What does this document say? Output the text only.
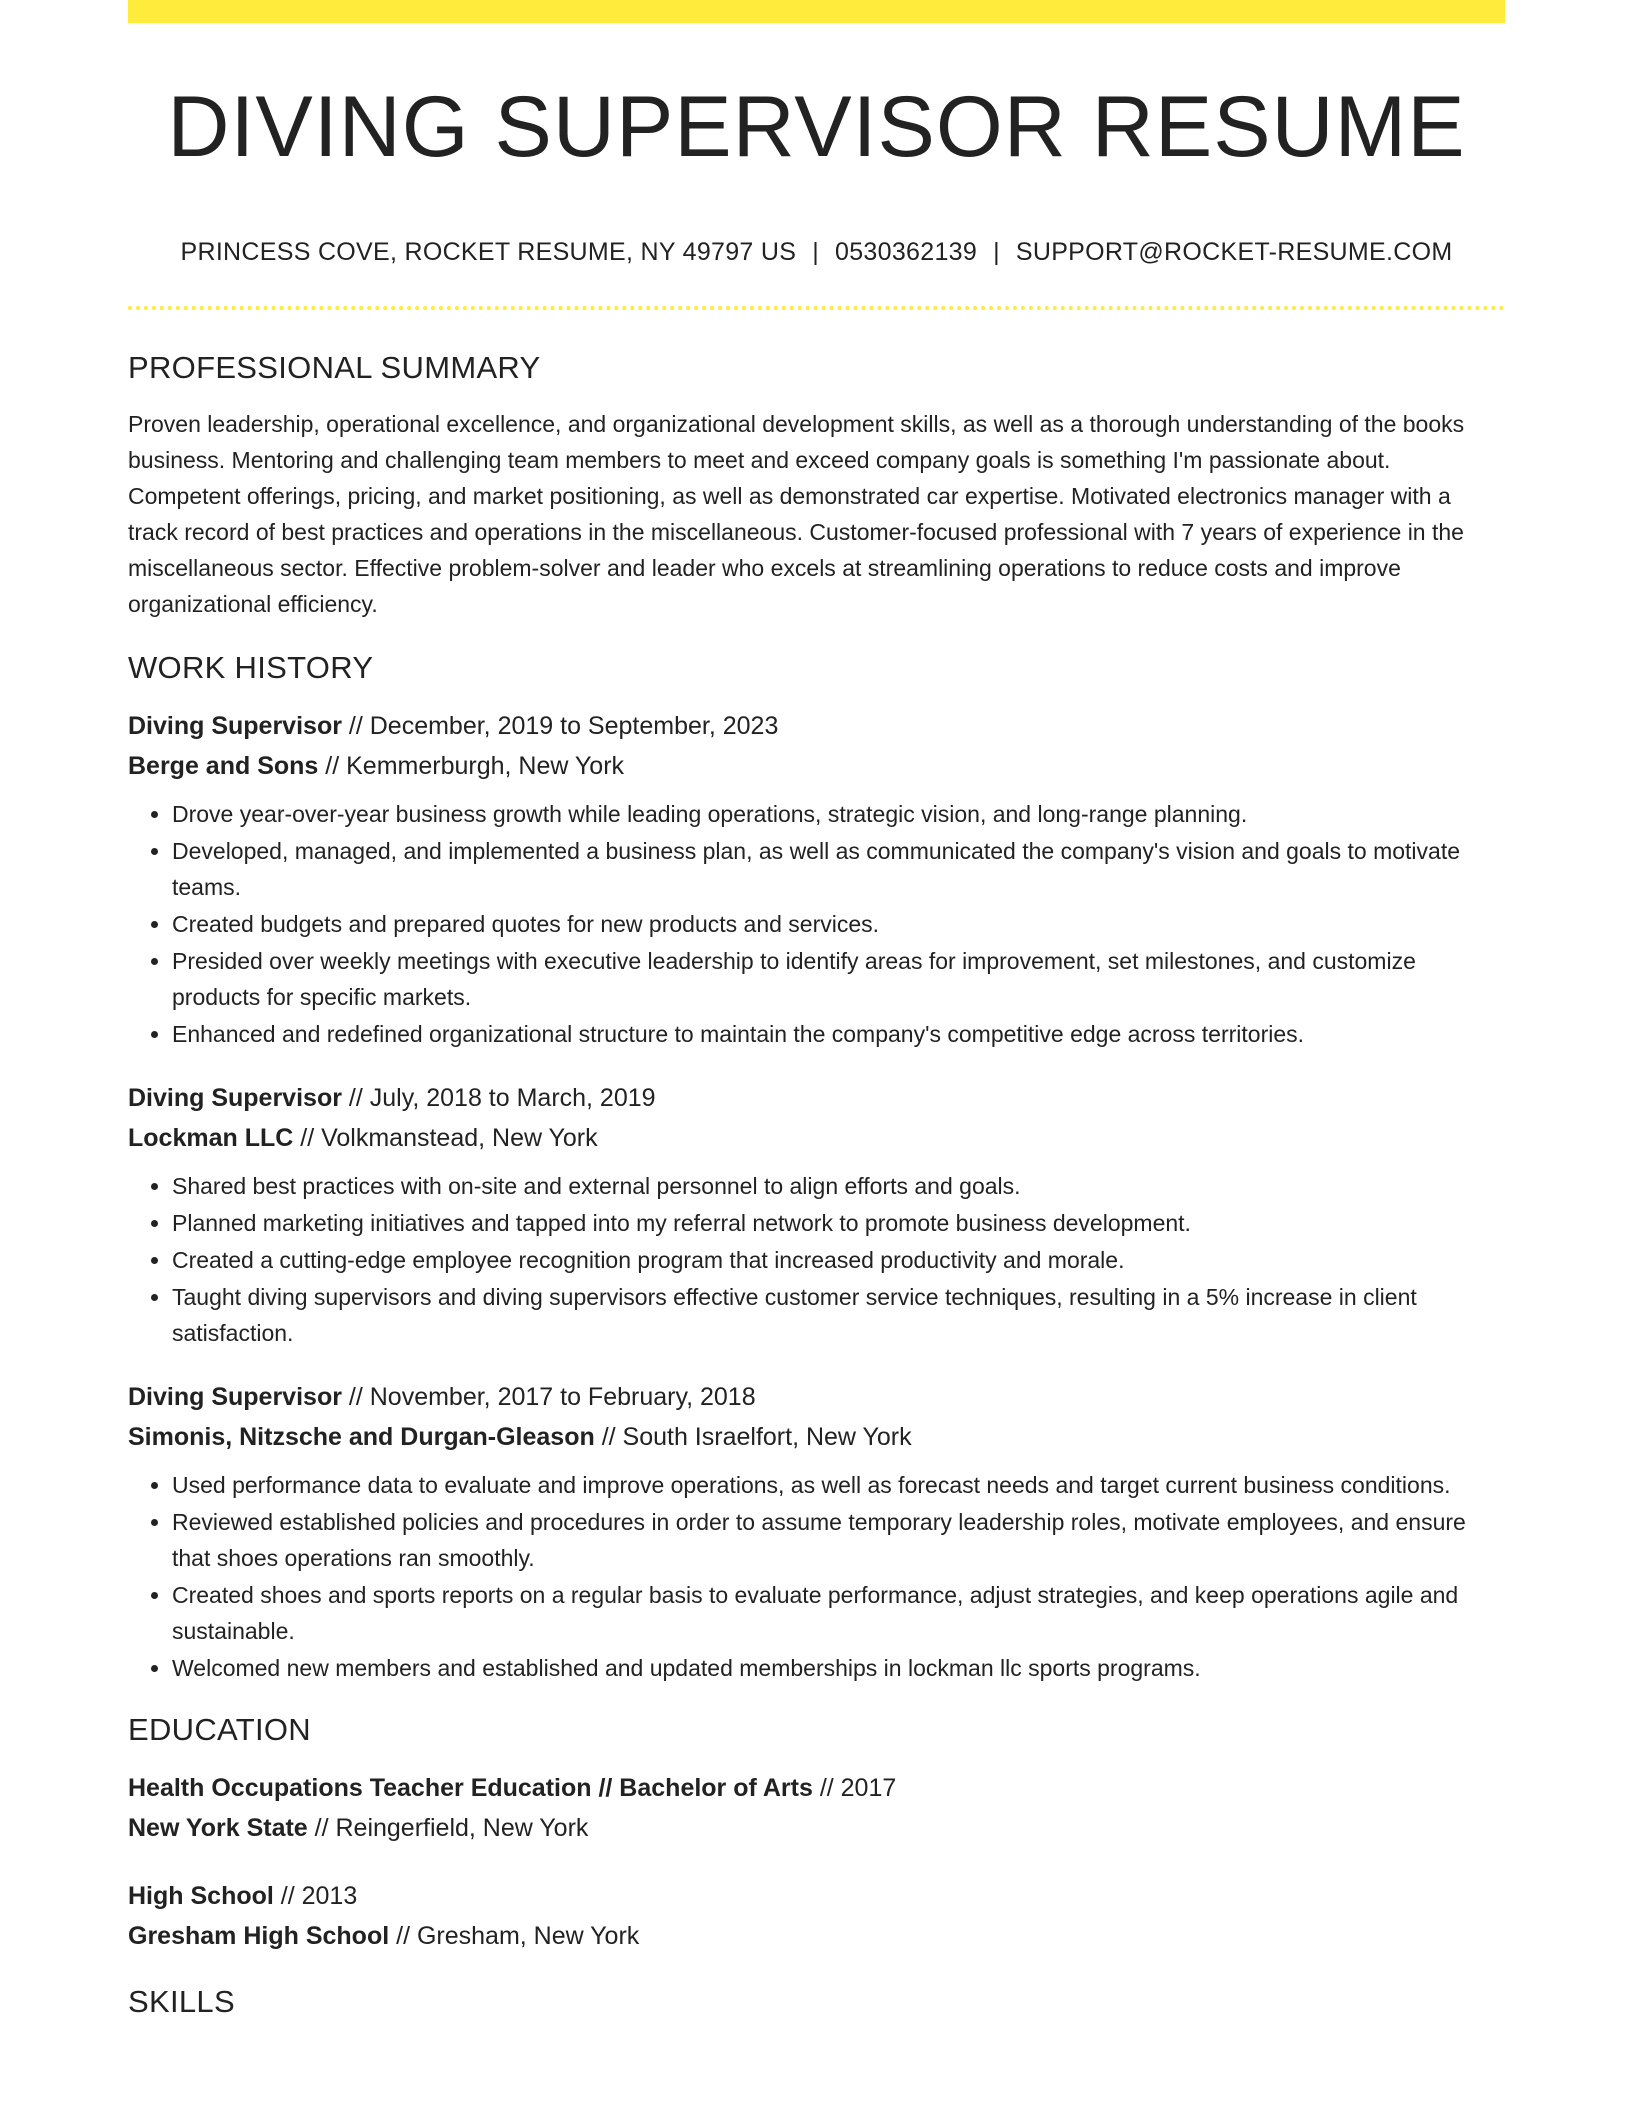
DIVING SUPERVISOR RESUME
PRINCESS COVE, ROCKET RESUME, NY 49797 US | 0530362139 | SUPPORT@ROCKET-RESUME.COM
PROFESSIONAL SUMMARY

Proven leadership, operational excellence, and organizational development skills, as well as a thorough understanding of the books business. Mentoring and challenging team members to meet and exceed company goals is something I'm passionate about. Competent offerings, pricing, and market positioning, as well as demonstrated car expertise. Motivated electronics manager with a track record of best practices and operations in the miscellaneous. Customer-focused professional with 7 years of experience in the miscellaneous sector. Effective problem-solver and leader who excels at streamlining operations to reduce costs and improve organizational efficiency.

WORK HISTORY
Diving Supervisor // December, 2019 to September, 2023
Berge and Sons // Kemmerburgh, New York
• Drove year-over-year business growth while leading operations, strategic vision, and long-range planning.
• Developed, managed, and implemented a business plan, as well as communicated the company's vision and goals to motivate teams.
• Created budgets and prepared quotes for new products and services.
• Presided over weekly meetings with executive leadership to identify areas for improvement, set milestones, and customize products for specific markets.
• Enhanced and redefined organizational structure to maintain the company's competitive edge across territories.
Diving Supervisor // July, 2018 to March, 2019
Lockman LLC // Volkmanstead, New York
• Shared best practices with on-site and external personnel to align efforts and goals.
• Planned marketing initiatives and tapped into my referral network to promote business development.
• Created a cutting-edge employee recognition program that increased productivity and morale.
• Taught diving supervisors and diving supervisors effective customer service techniques, resulting in a 5% increase in client satisfaction.
Diving Supervisor // November, 2017 to February, 2018
Simonis, Nitzsche and Durgan-Gleason // South Israelfort, New York
• Used performance data to evaluate and improve operations, as well as forecast needs and target current business conditions.
• Reviewed established policies and procedures in order to assume temporary leadership roles, motivate employees, and ensure that shoes operations ran smoothly.
• Created shoes and sports reports on a regular basis to evaluate performance, adjust strategies, and keep operations agile and sustainable.
• Welcomed new members and established and updated memberships in lockman llc sports programs.
EDUCATION
Health Occupations Teacher Education // Bachelor of Arts // 2017
New York State // Reingerfield, New York
High School // 2013
Gresham High School // Gresham, New York
SKILLS
